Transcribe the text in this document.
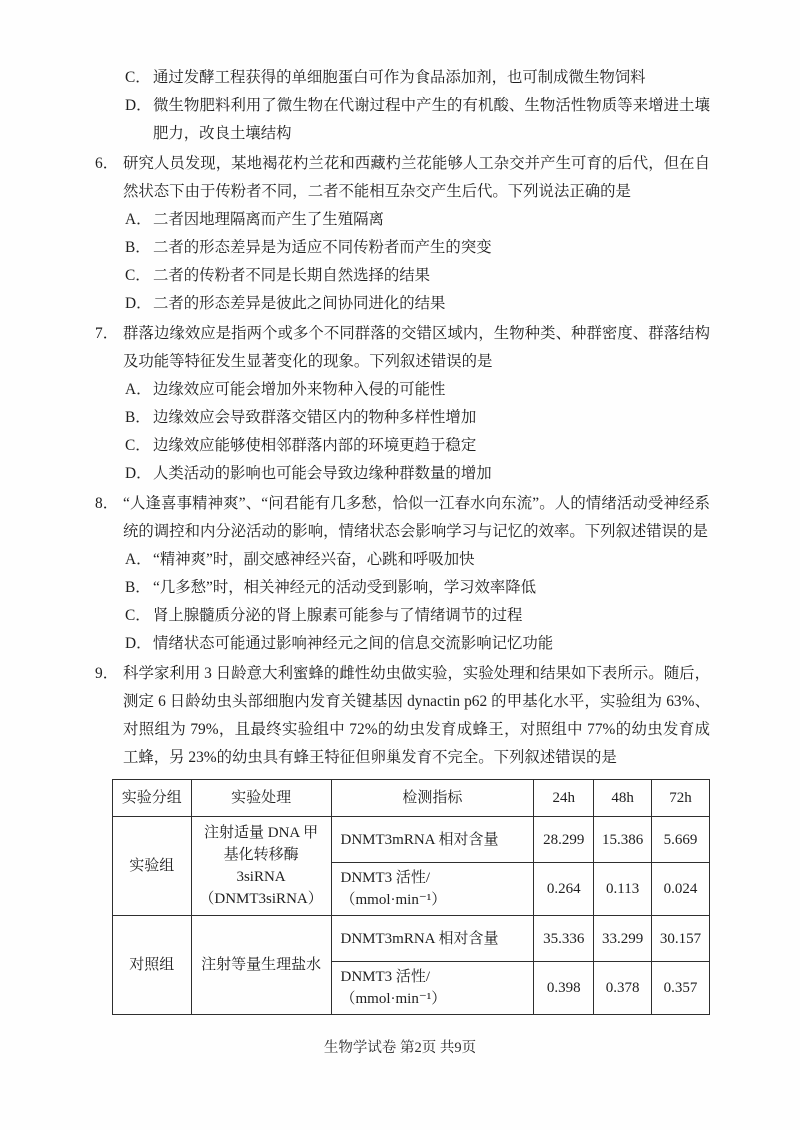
C． 通过发酵工程获得的单细胞蛋白可作为食品添加剂，也可制成微生物饲料
D．微生物肥料利用了微生物在代谢过程中产生的有机酸、生物活性物质等来增进土壤肥力，改良土壤结构
6． 研究人员发现，某地褐花杓兰花和西藏杓兰花能够人工杂交并产生可育的后代，但在自然状态下由于传粉者不同，二者不能相互杂交产生后代。下列说法正确的是
A．二者因地理隔离而产生了生殖隔离
B． 二者的形态差异是为适应不同传粉者而产生的突变
C． 二者的传粉者不同是长期自然选择的结果
D．二者的形态差异是彼此之间协同进化的结果
7． 群落边缘效应是指两个或多个不同群落的交错区域内，生物种类、种群密度、群落结构及功能等特征发生显著变化的现象。下列叙述错误的是
A．边缘效应可能会增加外来物种入侵的可能性
B． 边缘效应会导致群落交错区内的物种多样性增加
C． 边缘效应能够使相邻群落内部的环境更趋于稳定
D．人类活动的影响也可能会导致边缘种群数量的增加
8． “人逢喜事精神爽”、“问君能有几多愁，恰似一江春水向东流”。人的情绪活动受神经系统的调控和内分泌活动的影响，情绪状态会影响学习与记忆的效率。下列叙述错误的是
A．“精神爽”时，副交感神经兴奋，心跳和呼吸加快
B． “几多愁”时，相关神经元的活动受到影响，学习效率降低
C． 肾上腺髓质分泌的肾上腺素可能参与了情绪调节的过程
D．情绪状态可能通过影响神经元之间的信息交流影响记忆功能
9． 科学家利用 3 日龄意大利蜜蜂的雌性幼虫做实验，实验处理和结果如下表所示。随后，测定 6 日龄幼虫头部细胞内发育关键基因 dynactin p62 的甲基化水平，实验组为 63%、对照组为 79%，且最终实验组中 72%的幼虫发育成蜂王，对照组中 77%的幼虫发育成工蜂，另 23%的幼虫具有蜂王特征但卵巢发育不完全。下列叙述错误的是
实验分组	实验处理	检测指标	24h	48h	72h
实验组	注射适量 DNA 甲基化转移酶 3siRNA（DNMT3siRNA）	DNMT3mRNA 相对含量	28.299	15.386	5.669
		DNMT3 活性/（mmol·min⁻¹）	0.264	0.113	0.024
对照组	注射等量生理盐水	DNMT3mRNA 相对含量	35.336	33.299	30.157
		DNMT3 活性/（mmol·min⁻¹）	0.398	0.378	0.357
生物学试卷 第2页 共9页
